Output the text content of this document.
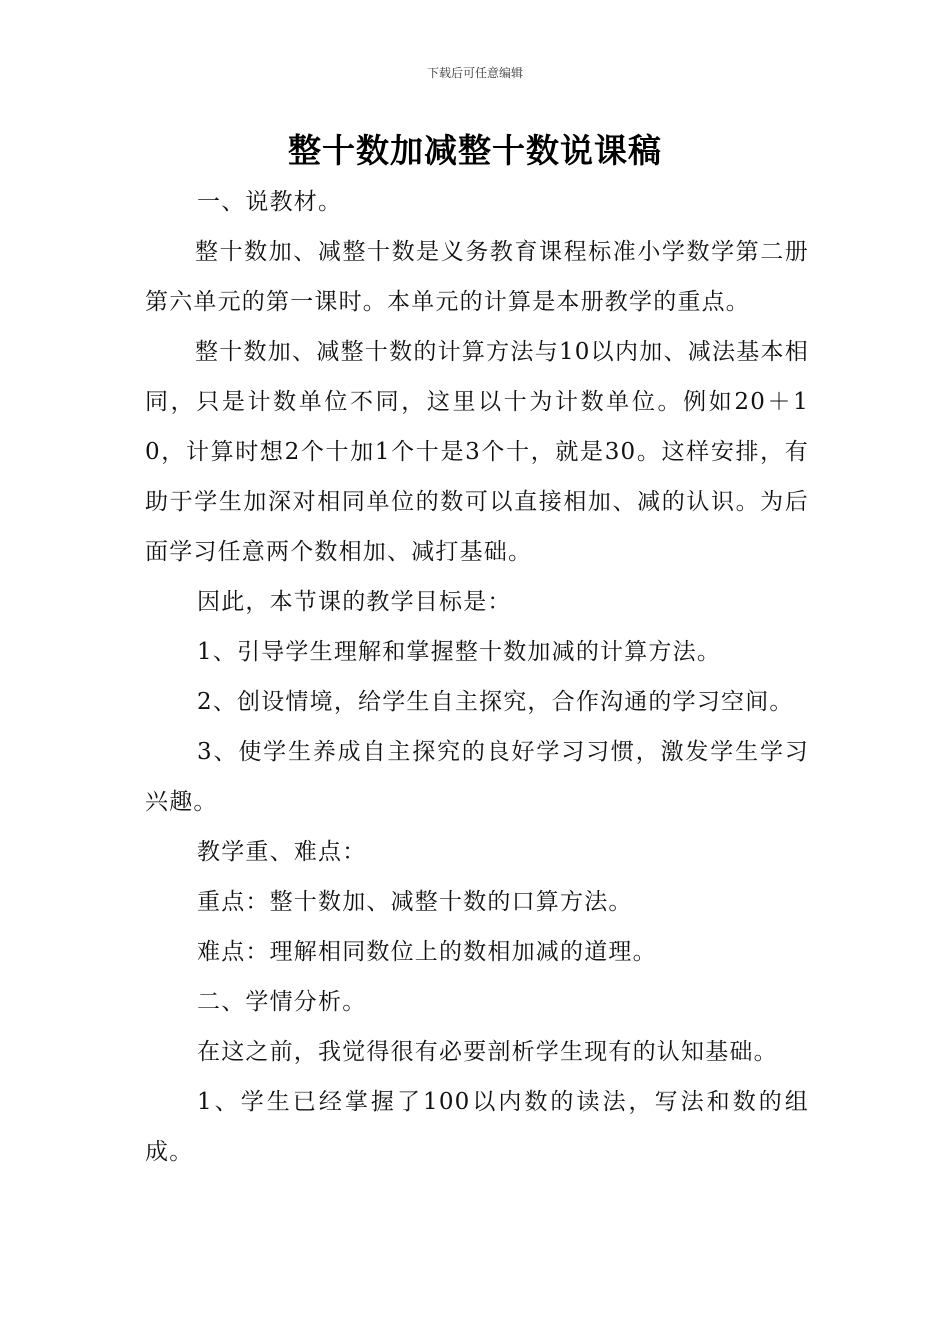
下载后可任意编辑
整十数加减整十数说课稿

一、说教材。

整十数加、减整十数是义务教育课程标准小学数学第二册第六单元的第一课时。本单元的计算是本册教学的重点。

整十数加、减整十数的计算方法与10以内加、减法基本相同，只是计数单位不同，这里以十为计数单位。例如20＋10，计算时想2个十加1个十是3个十，就是30。这样安排，有助于学生加深对相同单位的数可以直接相加、减的认识。为后面学习任意两个数相加、减打基础。

因此，本节课的教学目标是：

1、引导学生理解和掌握整十数加减的计算方法。

2、创设情境，给学生自主探究，合作沟通的学习空间。

3、使学生养成自主探究的良好学习习惯，激发学生学习兴趣。

教学重、难点：

重点：整十数加、减整十数的口算方法。

难点：理解相同数位上的数相加减的道理。

二、学情分析。

在这之前，我觉得很有必要剖析学生现有的认知基础。

1、学生已经掌握了100以内数的读法，写法和数的组成。
